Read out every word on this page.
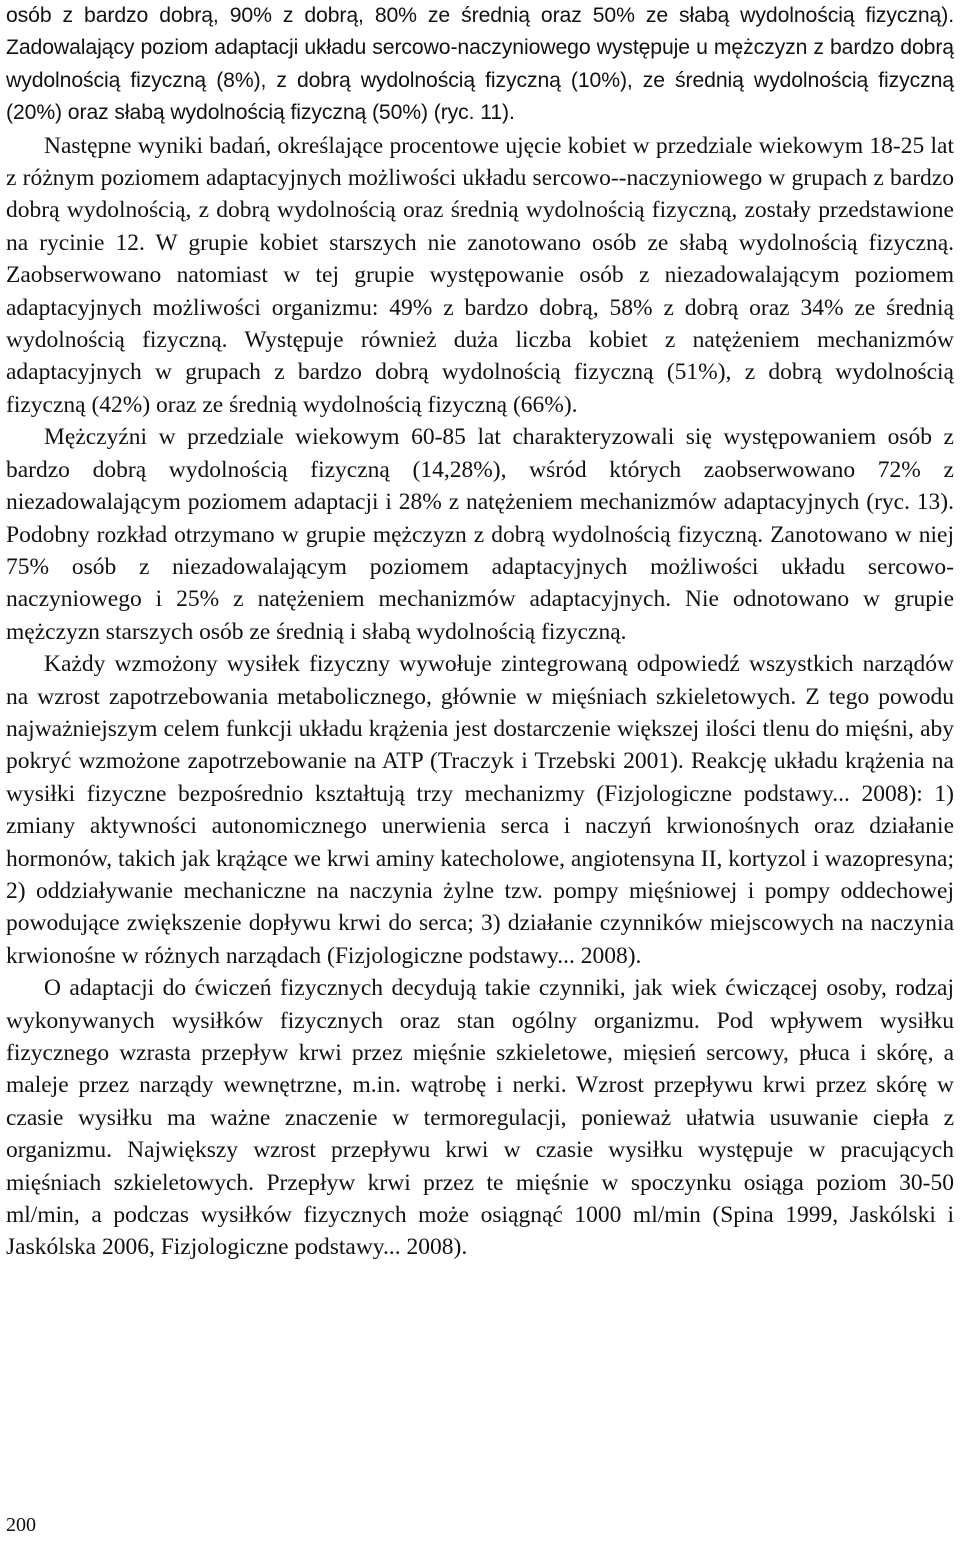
osób z bardzo dobrą, 90% z dobrą, 80% ze średnią oraz 50% ze słabą wydolnością fizyczną). Zadowalający poziom adaptacji układu sercowo-naczyniowego występuje u mężczyzn z bardzo dobrą wydolnością fizyczną (8%), z dobrą wydolnością fizyczną (10%), ze średnią wydolnością fizyczną (20%) oraz słabą wydolnością fizyczną (50%) (ryc. 11).

Następne wyniki badań, określające procentowe ujęcie kobiet w przedziale wiekowym 18-25 lat z różnym poziomem adaptacyjnych możliwości układu sercowo--naczyniowego w grupach z bardzo dobrą wydolnością, z dobrą wydolnością oraz średnią wydolnością fizyczną, zostały przedstawione na rycinie 12. W grupie kobiet starszych nie zanotowano osób ze słabą wydolnością fizyczną. Zaobserwowano natomiast w tej grupie występowanie osób z niezadowalającym poziomem adaptacyjnych możliwości organizmu: 49% z bardzo dobrą, 58% z dobrą oraz 34% ze średnią wydolnością fizyczną. Występuje również duża liczba kobiet z natężeniem mechanizmów adaptacyjnych w grupach z bardzo dobrą wydolnością fizyczną (51%), z dobrą wydolnością fizyczną (42%) oraz ze średnią wydolnością fizyczną (66%).

Mężczyźni w przedziale wiekowym 60-85 lat charakteryzowali się występowaniem osób z bardzo dobrą wydolnością fizyczną (14,28%), wśród których zaobserwowano 72% z niezadowalającym poziomem adaptacji i 28% z natężeniem mechanizmów adaptacyjnych (ryc. 13). Podobny rozkład otrzymano w grupie mężczyzn z dobrą wydolnością fizyczną. Zanotowano w niej 75% osób z niezadowalającym poziomem adaptacyjnych możliwości układu sercowo-naczyniowego i 25% z natężeniem mechanizmów adaptacyjnych. Nie odnotowano w grupie mężczyzn starszych osób ze średnią i słabą wydolnością fizyczną.

Każdy wzmożony wysiłek fizyczny wywołuje zintegrowaną odpowiedź wszystkich narządów na wzrost zapotrzebowania metabolicznego, głównie w mięśniach szkieletowych. Z tego powodu najważniejszym celem funkcji układu krążenia jest dostarczenie większej ilości tlenu do mięśni, aby pokryć wzmożone zapotrzebowanie na ATP (Traczyk i Trzebski 2001). Reakcję układu krążenia na wysiłki fizyczne bezpośrednio kształtują trzy mechanizmy (Fizjologiczne podstawy... 2008): 1) zmiany aktywności autonomicznego unerwienia serca i naczyń krwionośnych oraz działanie hormonów, takich jak krążące we krwi aminy katecholowe, angiotensyna II, kortyzol i wazopresyna; 2) oddziaływanie mechaniczne na naczynia żylne tzw. pompy mięśniowej i pompy oddechowej powodujące zwiększenie dopływu krwi do serca; 3) działanie czynników miejscowych na naczynia krwionośne w różnych narządach (Fizjologiczne podstawy... 2008).

O adaptacji do ćwiczeń fizycznych decydują takie czynniki, jak wiek ćwiczącej osoby, rodzaj wykonywanych wysiłków fizycznych oraz stan ogólny organizmu. Pod wpływem wysiłku fizycznego wzrasta przepływ krwi przez mięśnie szkieletowe, mięsień sercowy, płuca i skórę, a maleje przez narządy wewnętrzne, m.in. wątrobę i nerki. Wzrost przepływu krwi przez skórę w czasie wysiłku ma ważne znaczenie w termoregulacji, ponieważ ułatwia usuwanie ciepła z organizmu. Największy wzrost przepływu krwi w czasie wysiłku występuje w pracujących mięśniach szkieletowych. Przepływ krwi przez te mięśnie w spoczynku osiąga poziom 30-50 ml/min, a podczas wysiłków fizycznych może osiągnąć 1000 ml/min (Spina 1999, Jaskólski i Jaskólska 2006, Fizjologiczne podstawy... 2008).

200
